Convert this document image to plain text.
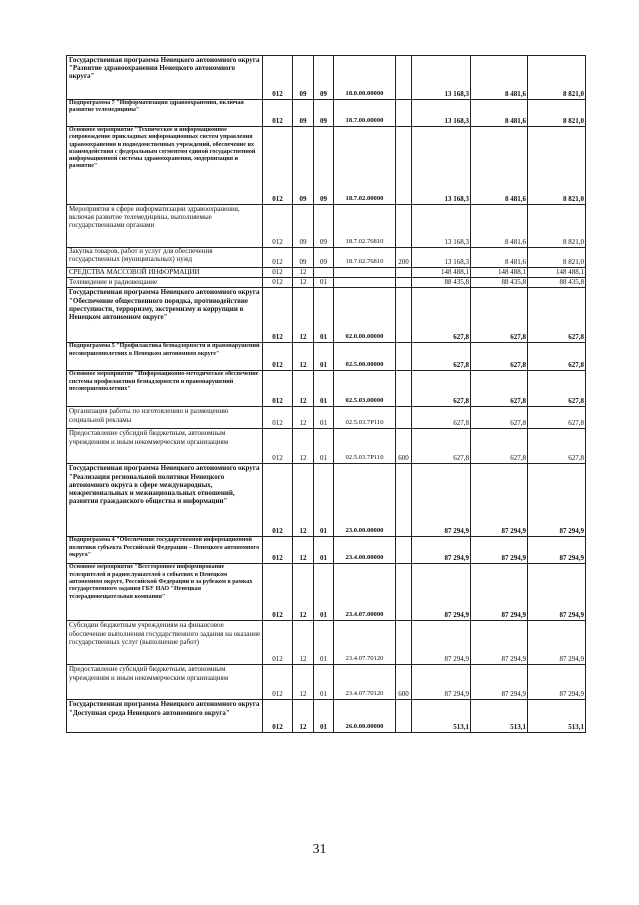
Государственная программа Ненецкого автономного округа "Развитие здравоохранения Ненецкого автономного округа"	012	09	09	18.0.00.00000		13 168,3	8 481,6	8 821,0
Подпрограмма 7 "Информатизация здравоохранения, включая развитие телемедицины"	012	09	09	18.7.00.00000		13 168,3	8 481,6	8 821,0
Основное мероприятие "Техническое и информационное сопровождение прикладных информационных систем управления здравоохранения и подведомственных учреждений, обеспечение их взаимодействия с федеральным сегментом единой государственной информационной системы здравоохранения, модернизация и развитие"	012	09	09	18.7.02.00000		13 168,3	8 481,6	8 821,0
Мероприятия в сфере информатизации здравоохранения, включая развитие телемедицины, выполняемые государственными органами	012	09	09	18.7.02.76810		13 168,3	8 481,6	8 821,0
Закупка товаров, работ и услуг для обеспечения государственных (муниципальных) нужд	012	09	09	18.7.02.76810	200	13 168,3	8 481,6	8 821,0
СРЕДСТВА МАССОВОЙ ИНФОРМАЦИИ	012	12				148 488,1	148 488,1	148 488,1
Телевидение и радиовещание	012	12	01			88 435,8	88 435,8	88 435,8
Государственная программа Ненецкого автономного округа "Обеспечение общественного порядка, противодействие преступности, терроризму, экстремизму и коррупции в Ненецком автономном округе"	012	12	01	02.0.00.00000		627,8	627,8	627,8
Подпрограмма 5 "Профилактика безнадзорности и правонарушений несовершеннолетних в Ненецком автономном округе"	012	12	01	02.5.00.00000		627,8	627,8	627,8
Основное мероприятие "Информационно-методическое обеспечение системы профилактики безнадзорности и правонарушений несовершеннолетних"	012	12	01	02.5.03.00000		627,8	627,8	627,8
Организация работы по изготовлению и размещению социальной рекламы	012	12	01	02.5.03.7P110		627,8	627,8	627,8
Предоставление субсидий бюджетным, автономным учреждениям и иным некоммерческим организациям	012	12	01	02.5.03.7P110	600	627,8	627,8	627,8
Государственная программа Ненецкого автономного округа "Реализация региональной политики Ненецкого автономного округа в сфере международных, межрегиональных и межнациональных отношений, развития гражданского общества и информации"	012	12	01	23.0.00.00000		87 294,9	87 294,9	87 294,9
Подпрограмма 4 "Обеспечение государственной информационной политики субъекта Российской Федерации – Ненецкого автономного округа"	012	12	01	23.4.00.00000		87 294,9	87 294,9	87 294,9
Основное мероприятие "Всестороннее информирование телезрителей и радиослушателей о событиях в Ненецком автономном округе, Российской Федерации и за рубежом в рамках государственного задания ГБУ НАО "Ненецкая телерадиовещательная компания"	012	12	01	23.4.07.00000		87 294,9	87 294,9	87 294,9
Субсидии бюджетным учреждениям на финансовое обеспечение выполнения государственного задания на оказание государственных услуг (выполнение работ)	012	12	01	23.4.07.70120		87 294,9	87 294,9	87 294,9
Предоставление субсидий бюджетным, автономным учреждениям и иным некоммерческим организациям	012	12	01	23.4.07.70120	600	87 294,9	87 294,9	87 294,9
Государственная программа Ненецкого автономного округа "Доступная среда Ненецкого автономного округа"	012	12	01	26.0.00.00000		513,1	513,1	513,1
31
